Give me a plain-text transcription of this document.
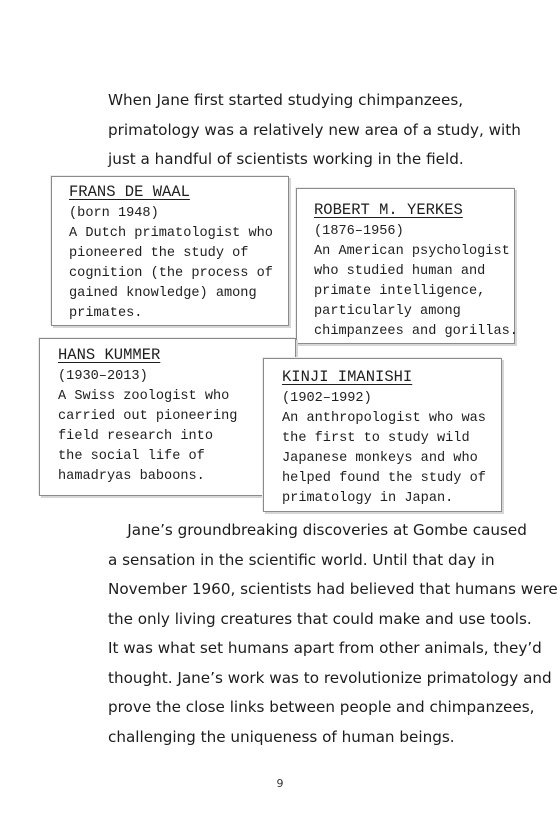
When Jane first started studying chimpanzees,
primatology was a relatively new area of a study, with
just a handful of scientists working in the field.
FRANS DE WAAL
(born 1948)
A Dutch primatologist who
pioneered the study of
cognition (the process of
gained knowledge) among
primates.
ROBERT M. YERKES
(1876–1956)
An American psychologist
who studied human and
primate intelligence,
particularly among
chimpanzees and gorillas.
HANS KUMMER
(1930–2013)
A Swiss zoologist who
carried out pioneering
field research into
the social life of
hamadryas baboons.
KINJI IMANISHI
(1902–1992)
An anthropologist who was
the first to study wild
Japanese monkeys and who
helped found the study of
primatology in Japan.
Jane’s groundbreaking discoveries at Gombe caused
a sensation in the scientific world. Until that day in
November 1960, scientists had believed that humans were
the only living creatures that could make and use tools.
It was what set humans apart from other animals, they’d
thought. Jane’s work was to revolutionize primatology and
prove the close links between people and chimpanzees,
challenging the uniqueness of human beings.
9
